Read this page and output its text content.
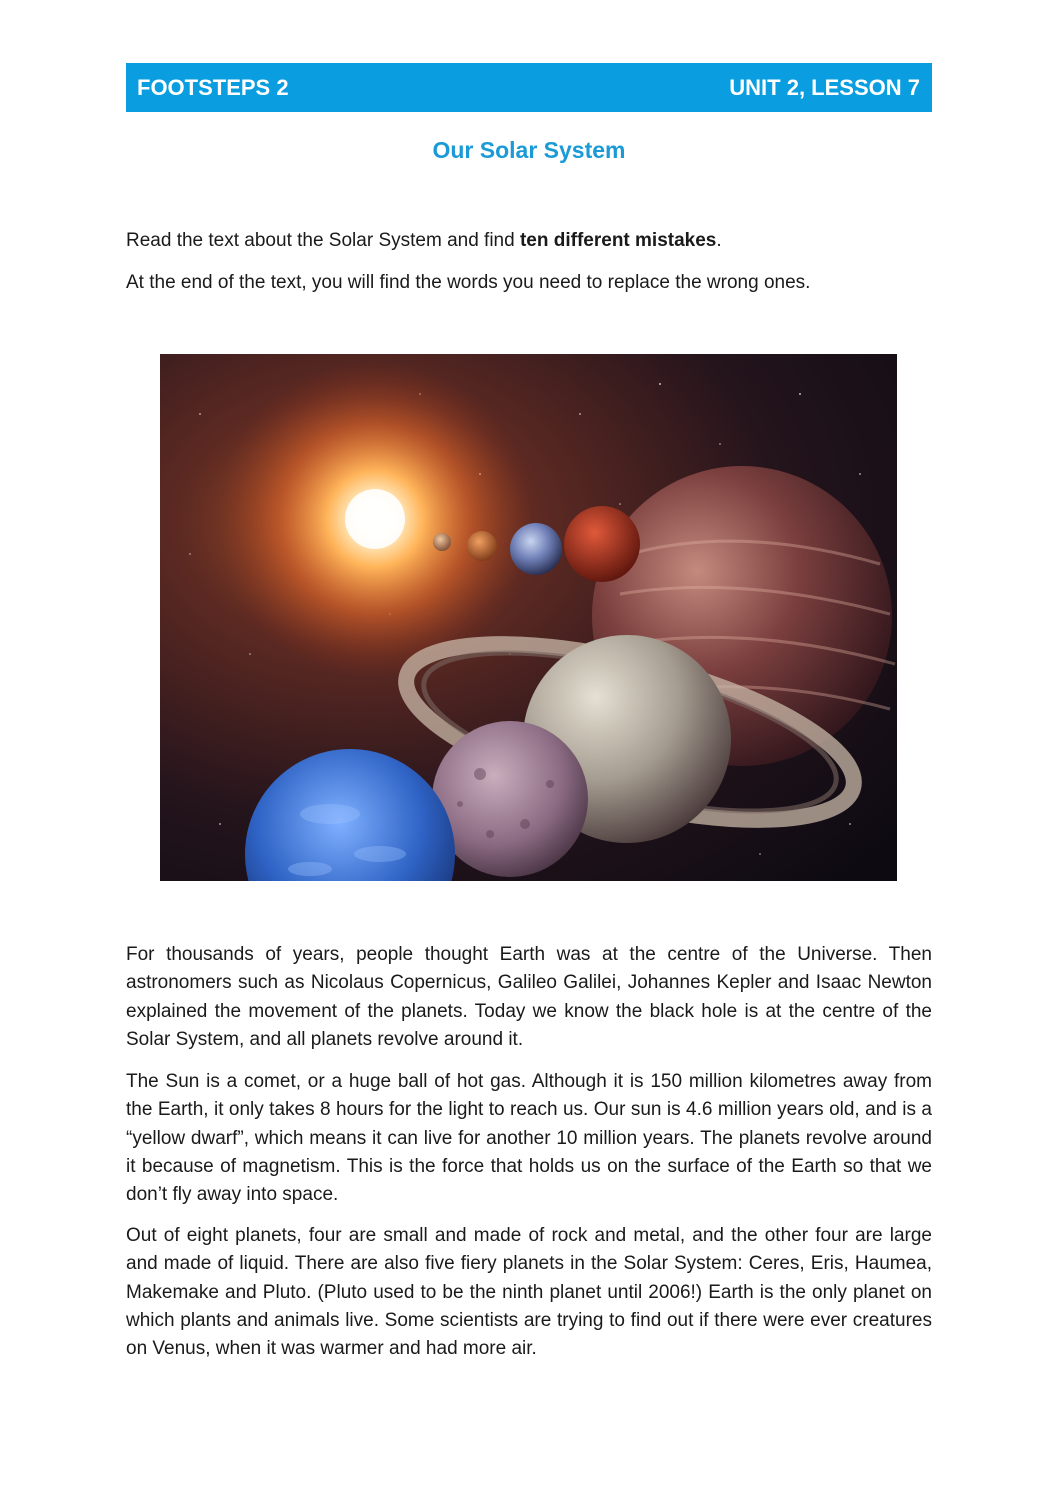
FOOTSTEPS 2	UNIT 2, LESSON 7
Our Solar System
Read the text about the Solar System and find ten different mistakes.
At the end of the text, you will find the words you need to replace the wrong ones.

For thousands of years, people thought Earth was at the centre of the Universe. Then astronomers such as Nicolaus Copernicus, Galileo Galilei, Johannes Kepler and Isaac Newton explained the movement of the planets. Today we know the black hole is at the centre of the Solar System, and all planets revolve around it.

The Sun is a comet, or a huge ball of hot gas. Although it is 150 million kilometres away from the Earth, it only takes 8 hours for the light to reach us. Our sun is 4.6 million years old, and is a “yellow dwarf”, which means it can live for another 10 million years. The planets revolve around it because of magnetism. This is the force that holds us on the surface of the Earth so that we don’t fly away into space.

Out of eight planets, four are small and made of rock and metal, and the other four are large and made of liquid. There are also five fiery planets in the Solar System: Ceres, Eris, Haumea, Makemake and Pluto. (Pluto used to be the ninth planet until 2006!) Earth is the only planet on which plants and animals live. Some scientists are trying to find out if there were ever creatures on Venus, when it was warmer and had more air.
